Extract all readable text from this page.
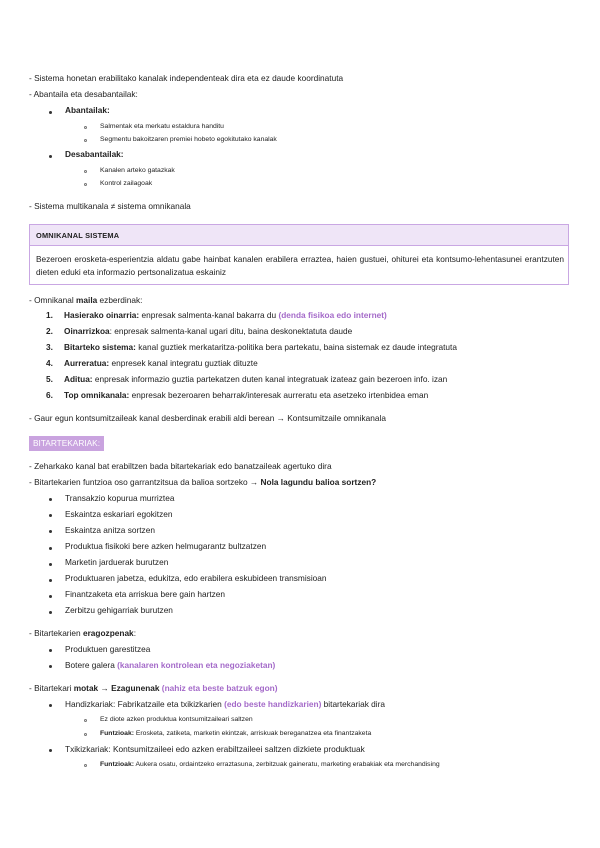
- Sistema honetan erabilitako kanalak independenteak dira eta ez daude koordinatuta
- Abantaila eta desabantailak:
Abantailak:
Salmentak eta merkatu estaldura handitu
Segmentu bakoitzaren premiei hobeto egokitutako kanalak
Desabantailak:
Kanalen arteko gatazkak
Kontrol zailagoak
- Sistema multikanala ≠ sistema omnikanala
OMNIKANAL SISTEMA

Bezeroen erosketa-esperientzia aldatu gabe hainbat kanalen erabilera erraztea, haien gustuei, ohiturei eta kontsumo-lehentasunei erantzuten dieten eduki eta informazio pertsonalizatua eskainiz

- Omnikanal maila ezberdinak:
1. Hasierako oinarria: enpresak salmenta-kanal bakarra du (denda fisikoa edo internet)
2. Oinarrizkoa: enpresak salmenta-kanal ugari ditu, baina deskonektatuta daude
3. Bitarteko sistema: kanal guztiek merkataritza-politika bera partekatu, baina sistemak ez daude integratuta
4. Aurreratua: enpresek kanal integratu guztiak dituzte
5. Aditua: enpresak informazio guztia partekatzen duten kanal integratuak izateaz gain bezeroen info. izan
6. Top omnikanala: enpresak bezeroaren beharrak/interesak aurreratu eta asetzeko irtenbidea eman
- Gaur egun kontsumitzaileak kanal desberdinak erabili aldi berean → Kontsumitzaile omnikanala
BITARTEKARIAK:
- Zeharkako kanal bat erabiltzen bada bitartekariak edo banatzaileak agertuko dira
- Bitartekarien funtzioa oso garrantzitsua da balioa sortzeko → Nola lagundu balioa sortzen?
Transakzio kopurua murriztea
Eskaintza eskariari egokitzen
Eskaintza anitza sortzen
Produktua fisikoki bere azken helmugarantz bultzatzen
Marketin jarduerak burutzen
Produktuaren jabetza, edukitza, edo erabilera eskubideen transmisioan
Finantzaketa eta arriskua bere gain hartzen
Zerbitzu gehigarriak burutzen
- Bitartekarien eragozpenak:
Produktuen garestitzea
Botere galera (kanalaren kontrolean eta negoziaketan)
- Bitartekari motak → Ezagunenak (nahiz eta beste batzuk egon)
Handizkariak: Fabrikatzaile eta txikizkarien (edo beste handizkarien) bitartekariak dira
Ez diote azken produktua kontsumitzaileari saltzen
Funtzioak: Erosketa, zatiketa, marketin ekintzak, arriskuak bereganatzea eta finantzaketa
Txikizkariak: Kontsumitzaileei edo azken erabiltzaileei saltzen dizkiete produktuak
Funtzioak: Aukera osatu, ordaintzeko erraztasuna, zerbitzuak gaineratu, marketing erabakiak eta merchandising
